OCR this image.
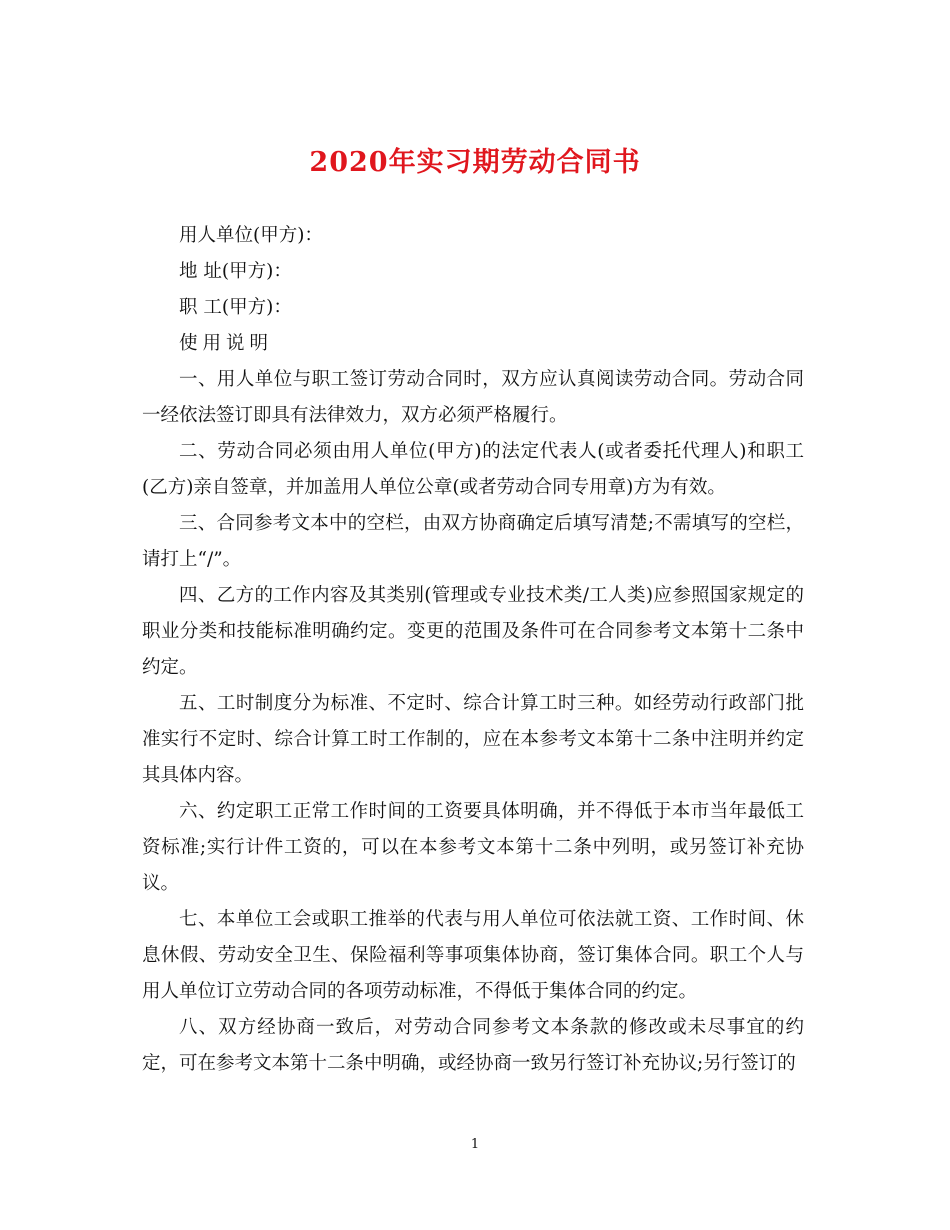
2020年实习期劳动合同书
用人单位(甲方)：
地 址(甲方)：
职 工(甲方)：
使用说明

一、用人单位与职工签订劳动合同时，双方应认真阅读劳动合同。劳动合同一经依法签订即具有法律效力，双方必须严格履行。

二、劳动合同必须由用人单位(甲方)的法定代表人(或者委托代理人)和职工(乙方)亲自签章，并加盖用人单位公章(或者劳动合同专用章)方为有效。

三、合同参考文本中的空栏，由双方协商确定后填写清楚;不需填写的空栏，请打上“/”。

四、乙方的工作内容及其类别(管理或专业技术类/工人类)应参照国家规定的职业分类和技能标准明确约定。变更的范围及条件可在合同参考文本第十二条中约定。

五、工时制度分为标准、不定时、综合计算工时三种。如经劳动行政部门批准实行不定时、综合计算工时工作制的，应在本参考文本第十二条中注明并约定其具体内容。

六、约定职工正常工作时间的工资要具体明确，并不得低于本市当年最低工资标准;实行计件工资的，可以在本参考文本第十二条中列明，或另签订补充协议。

七、本单位工会或职工推举的代表与用人单位可依法就工资、工作时间、休息休假、劳动安全卫生、保险福利等事项集体协商，签订集体合同。职工个人与用人单位订立劳动合同的各项劳动标准，不得低于集体合同的约定。

八、双方经协商一致后，对劳动合同参考文本条款的修改或未尽事宜的约定，可在参考文本第十二条中明确，或经协商一致另行签订补充协议;另行签订的

1
